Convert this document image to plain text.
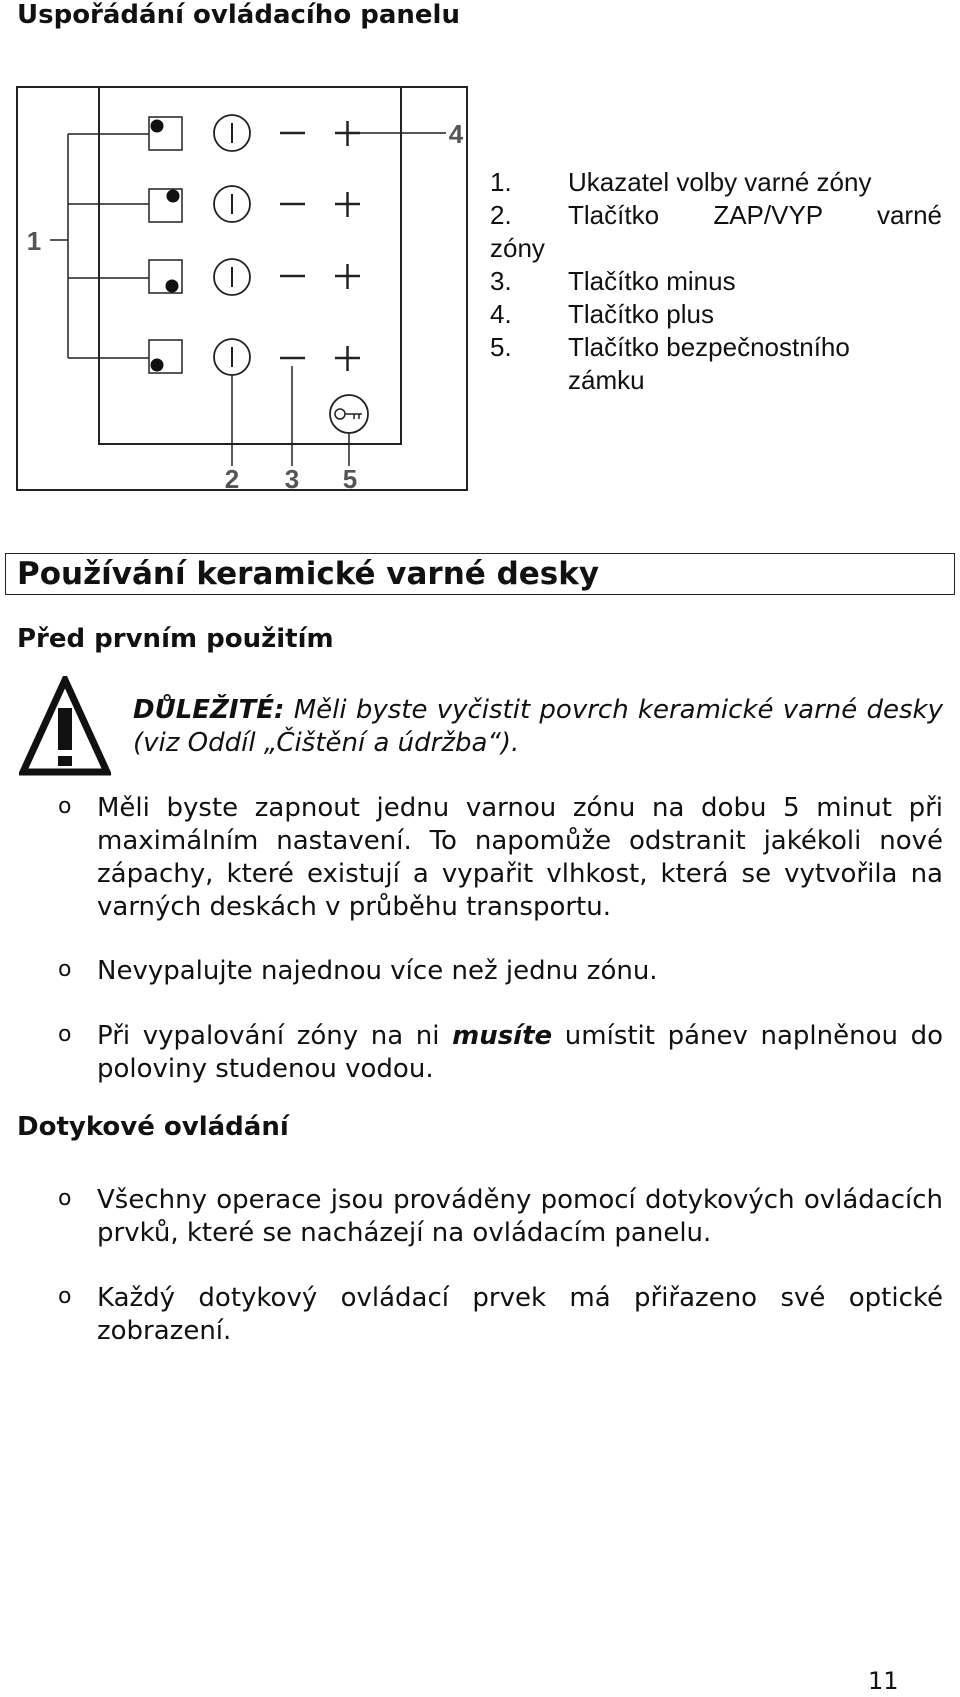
Uspořádání ovládacího panelu
1
2 3
4
5
1.	Ukazatel volby varné zóny
2.	Tlačítko ZAP/VYP varné
zóny
3.	Tlačítko minus
4.	Tlačítko plus
5.	Tlačítko bezpečnostního
zámku
Používání keramické varné desky
Před prvním použitím
DŮLEŽITÉ: Měli byste vyčistit povrch keramické varné desky (viz Oddíl „Čištění a údržba“).
o Měli byste zapnout jednu varnou zónu na dobu 5 minut při maximálním nastavení. To napomůže odstranit jakékoli nové zápachy, které existují a vypařit vlhkost, která se vytvořila na varných deskách v průběhu transportu.
o Nevypalujte najednou více než jednu zónu.
o Při vypalování zóny na ni musíte umístit pánev naplněnou do poloviny studenou vodou.
Dotykové ovládání
o Všechny operace jsou prováděny pomocí dotykových ovládacích prvků, které se nacházejí na ovládacím panelu.
o Každý dotykový ovládací prvek má přiřazeno své optické zobrazení.
11
